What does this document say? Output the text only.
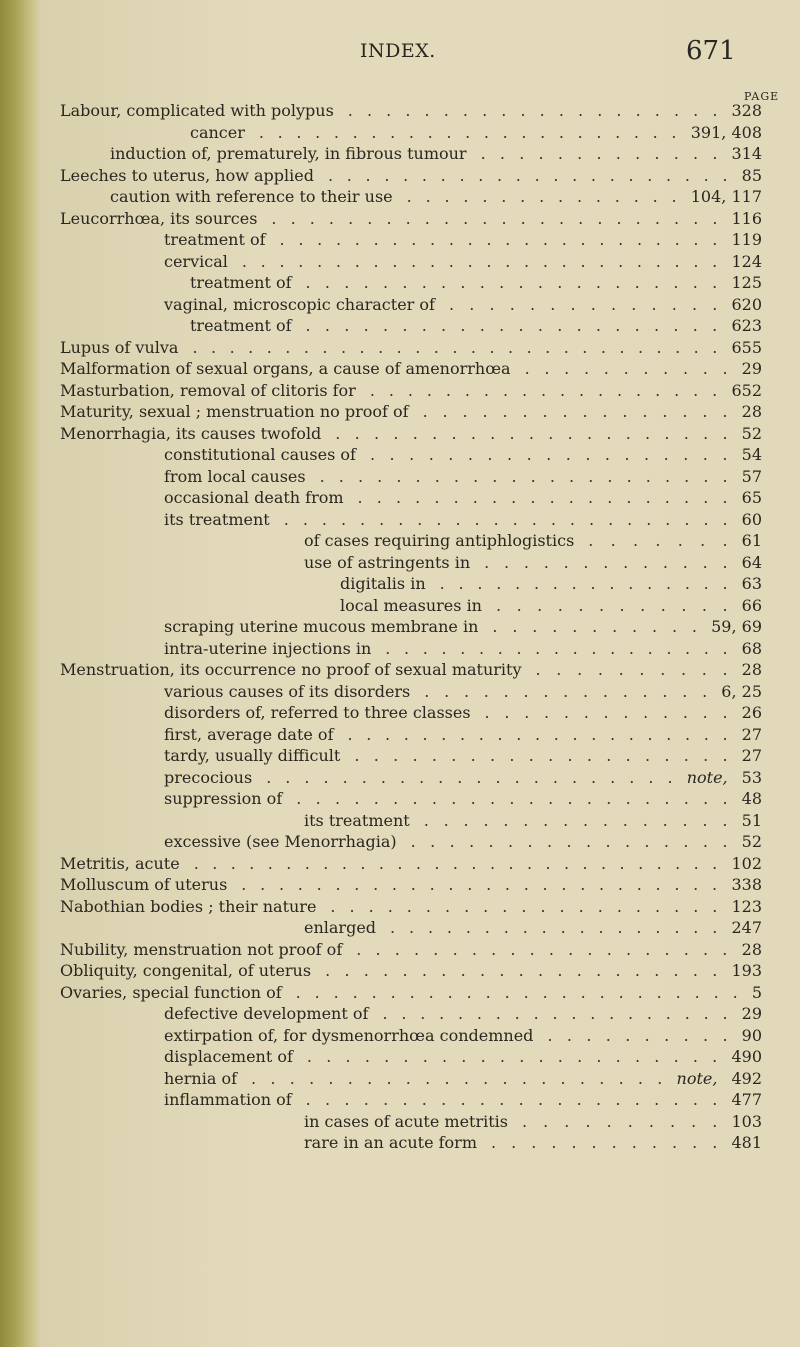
INDEX.	671
PAGE
Labour, complicated with polypus	328
. . . . . . . . . . . . . . . . . . . .
cancer	391, 408
. . . . . . . . . . . . . . . . . . . . . . .
induction of, prematurely, in fibrous tumour	314
. . . . . . . . . . . . .
Leeches to uterus, how applied	85
. . . . . . . . . . . . . . . . . . . . . .
caution with reference to their use	104, 117
. . . . . . . . . . . . . . .
Leucorrhœa, its sources	116
. . . . . . . . . . . . . . . . . . . . . . . .
treatment of	119
. . . . . . . . . . . . . . . . . . . . . . . .
cervical	124
. . . . . . . . . . . . . . . . . . . . . . . . . .
treatment of	125
. . . . . . . . . . . . . . . . . . . . . .
vaginal, microscopic character of	620
. . . . . . . . . . . . . .
treatment of	623
. . . . . . . . . . . . . . . . . . . . . .
Lupus of vulva	655
. . . . . . . . . . . . . . . . . . . . . . . . . . . . .
Malformation of sexual organs, a cause of amenorrhœa	29
. . . . . . . . . . .
Masturbation, removal of clitoris for	652
. . . . . . . . . . . . . . . . . . .
Maturity, sexual ; menstruation no proof of	28
. . . . . . . . . . . . . . . .
Menorrhagia, its causes twofold	52
. . . . . . . . . . . . . . . . . . . . .
constitutional causes of	54
. . . . . . . . . . . . . . . . . . .
from local causes	57
. . . . . . . . . . . . . . . . . . . . . .
occasional death from	65
. . . . . . . . . . . . . . . . . . . .
its treatment	60
. . . . . . . . . . . . . . . . . . . . . . . .
of cases requiring antiphlogistics	61
. . . . . . .
use of astringents in	64
. . . . . . . . . . . . .
digitalis in	63
. . . . . . . . . . . . . . . .
local measures in	66
. . . . . . . . . . . .
scraping uterine mucous membrane in	59, 69
. . . . . . . . . . .
intra-uterine injections in	68
. . . . . . . . . . . . . . . . . . .
Menstruation, its occurrence no proof of sexual maturity	28
. . . . . . . . . .
various causes of its disorders	6, 25
. . . . . . . . . . . . . . .
disorders of, referred to three classes	26
. . . . . . . . . . . . .
first, average date of	27
. . . . . . . . . . . . . . . . . . . . .
tardy, usually difficult	27
. . . . . . . . . . . . . . . . . . . .
precocious	note, 53
. . . . . . . . . . . . . . . . . . . . . .
suppression of	48
. . . . . . . . . . . . . . . . . . . . . . .
its treatment	51
. . . . . . . . . . . . . . . .
excessive (see Menorrhagia)	52
. . . . . . . . . . . . . . . . .
Metritis, acute	102
. . . . . . . . . . . . . . . . . . . . . . . . . . . . .
Molluscum of uterus	338
. . . . . . . . . . . . . . . . . . . . . . . . . .
Nabothian bodies ; their nature	123
. . . . . . . . . . . . . . . . . . . . .
enlarged	247
. . . . . . . . . . . . . . . . . .
Nubility, menstruation not proof of	28
. . . . . . . . . . . . . . . . . . . .
Obliquity, congenital, of uterus	193
. . . . . . . . . . . . . . . . . . . . .
Ovaries, special function of	5
. . . . . . . . . . . . . . . . . . . . . . . .
defective development of	29
. . . . . . . . . . . . . . . . . . .
extirpation of, for dysmenorrhœa condemned	90
. . . . . . . . . .
displacement of	490
. . . . . . . . . . . . . . . . . . . . . .
hernia of	note, 492
. . . . . . . . . . . . . . . . . . . . . .
inflammation of	477
. . . . . . . . . . . . . . . . . . . . . .
in cases of acute metritis	103
. . . . . . . . . .
rare in an acute form	481
. . . . . . . . . . . .
